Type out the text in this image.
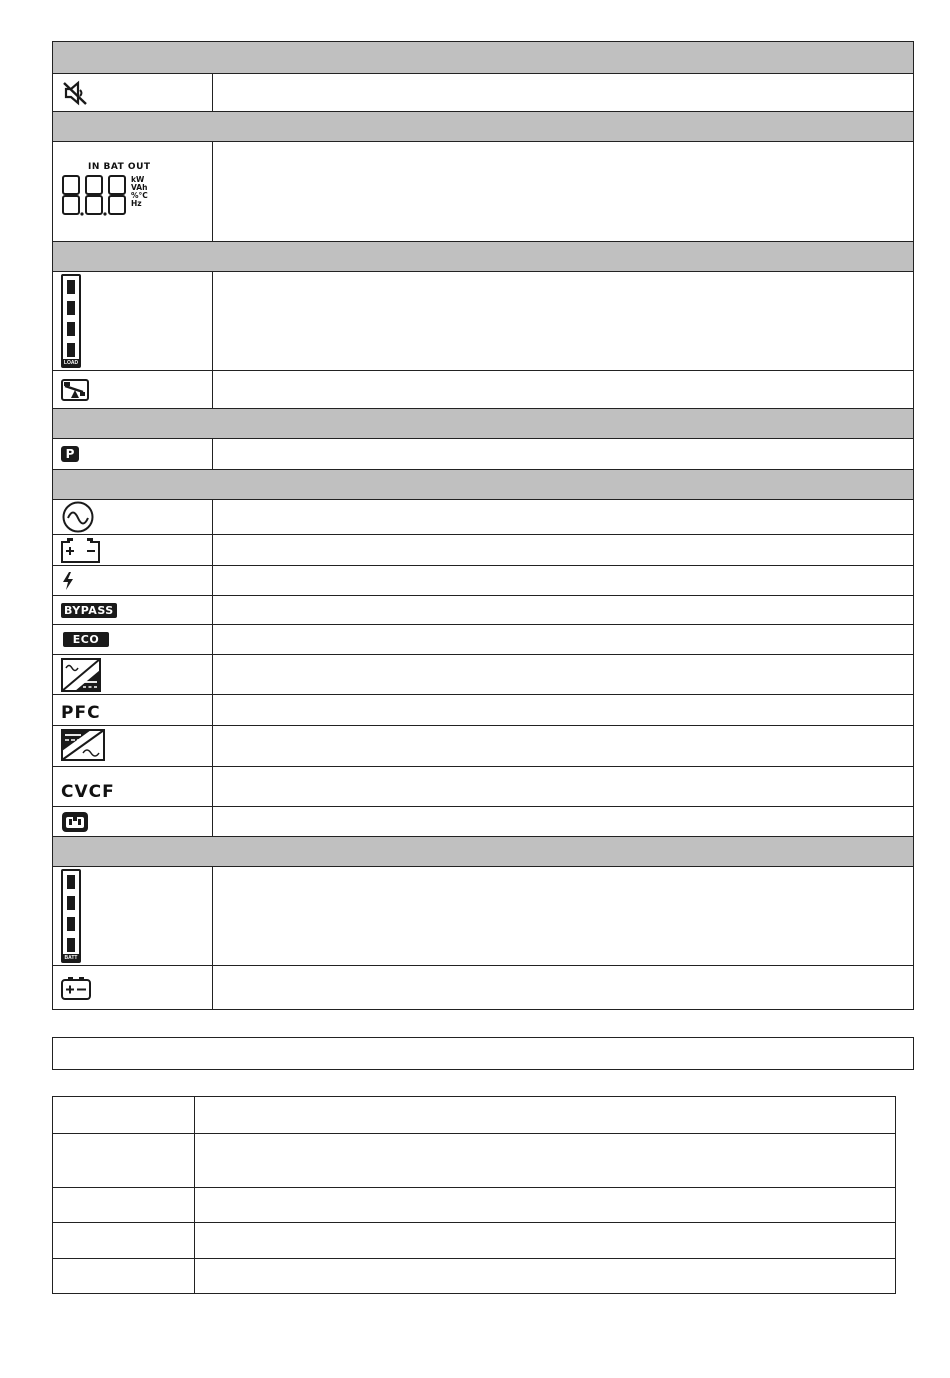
IN BAT OUT
kW
VAh
%°C
Hz
LOAD
P
BYPASS
ECO
PFC
CVCF
BATT
